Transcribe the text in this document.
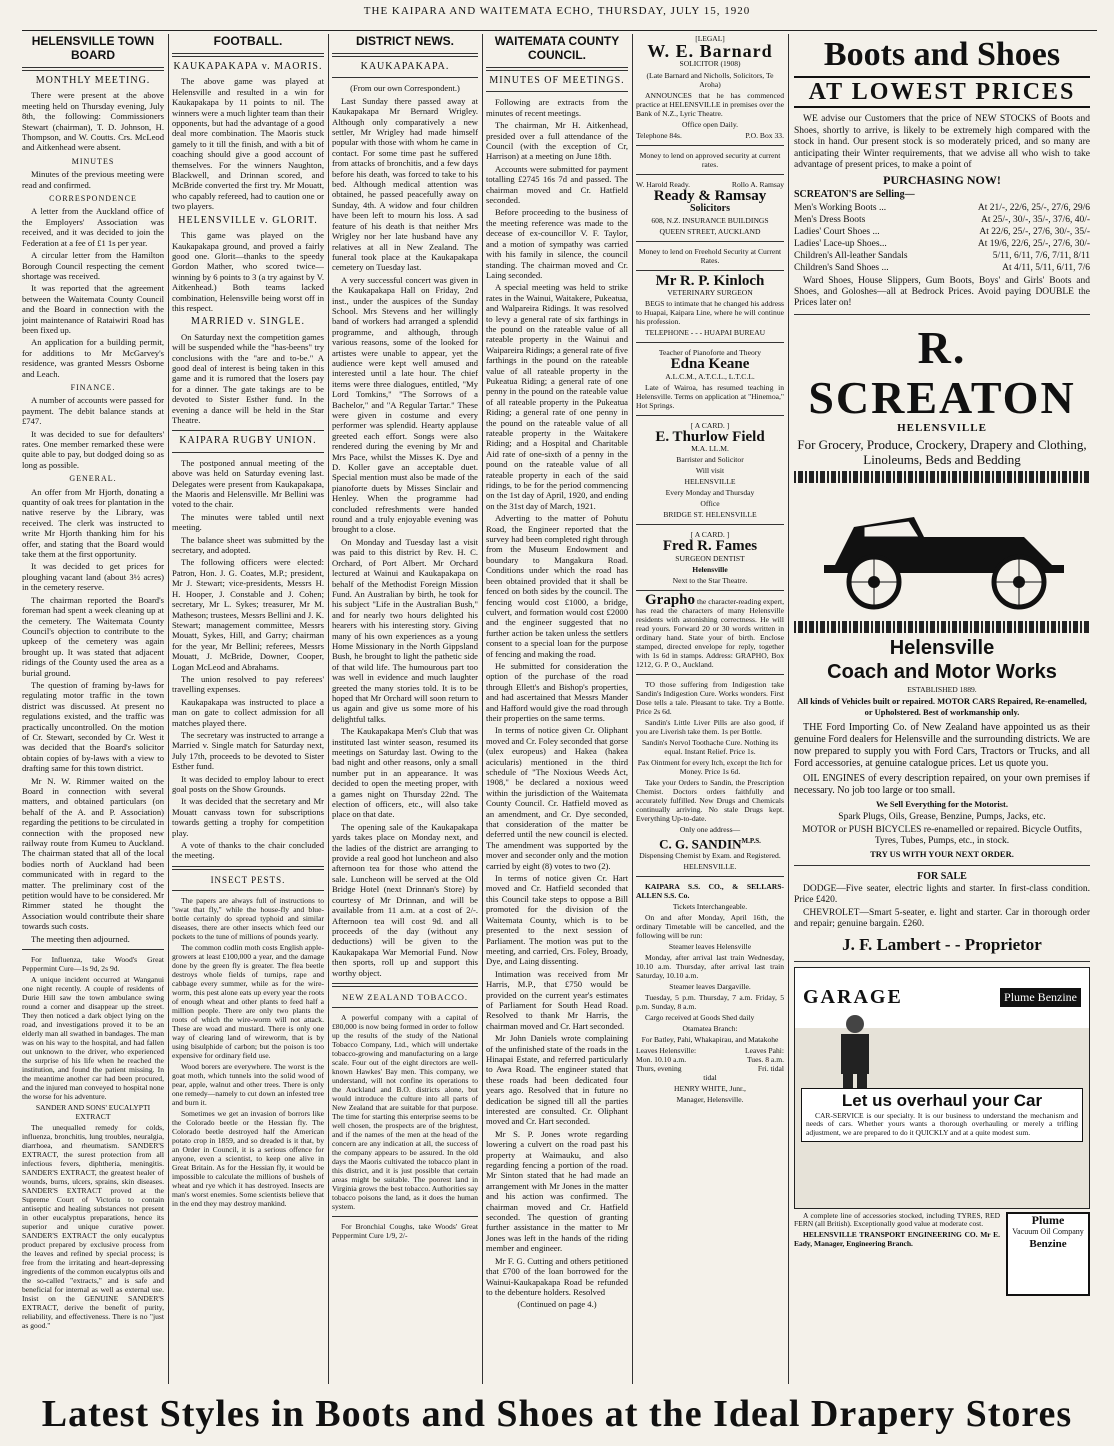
THE KAIPARA AND WAITEMATA ECHO, THURSDAY, JULY 15, 1920
HELENSVILLE TOWN BOARD
MONTHLY MEETING.

There were present at the above meeting held on Thursday evening, July 8th, the following: Commissioners Stewart (chairman), T. D. Johnson, H. Thompson, and W. Coutts. Crs. McLeod and Aitkenhead were absent.

MINUTES

Minutes of the previous meeting were read and confirmed.

CORRESPONDENCE

A letter from the Auckland office of the Employers' Association was received, and it was decided to join the Federation at a fee of £1 1s per year.

A circular letter from the Hamilton Borough Council respecting the cement shortage was received.

It was reported that the agreement between the Waitemata County Council and the Board in connection with the joint maintenance of Rataiwiri Road has been fixed up.

An application for a building permit, for additions to Mr McGarvey's residence, was granted Messrs Osborne and Leach.

FINANCE.

A number of accounts were passed for payment. The debit balance stands at £747.

It was decided to sue for defaulters' rates. One member remarked these were quite able to pay, but dodged doing so as long as possible.

GENERAL.

An offer from Mr Hjorth, donating a quantity of oak trees for plantation in the native reserve by the Library, was received. The clerk was instructed to write Mr Hjorth thanking him for his offer, and stating that the Board would take them at the first opportunity.

It was decided to get prices for ploughing vacant land (about 3½ acres) in the cemetery reserve.

The chairman reported the Board's foreman had spent a week cleaning up at the cemetery. The Waitemata County Council's objection to contribute to the upkeep of the cemetery was again brought up. It was stated that adjacent ridings of the County used the area as a burial ground.

The question of framing by-laws for regulating motor traffic in the town district was discussed. At present no regulations existed, and the traffic was practically uncontrolled. On the motion of Cr. Stewart, seconded by Cr. West it was decided that the Board's solicitor obtain copies of by-laws with a view to drafting same for this town district.

Mr N. W. Rimmer waited on the Board in connection with several matters, and obtained particulars (on behalf of the A. and P. Association) regarding the petitions to be circulated in connection with the proposed new railway route from Kumeu to Auckland. The chairman stated that all of the local bodies north of Auckland had been communicated with in regard to the matter. The preliminary cost of the petition would have to be considered. Mr Rimmer stated he thought the Association would contribute their share towards such costs.

The meeting then adjourned.

For Influenza, take Wood's Great Peppermint Cure—1s 9d, 2s 9d.

A unique incident occurred at Wanganui one night recently. A couple of residents of Durie Hill saw the town ambulance swing round a corner and disappear up the street. They then noticed a dark object lying on the road, and investigations proved it to be an elderly man all swathed in bandages. The man was on his way to the hospital, and had fallen out unknown to the driver, who experienced the surprise of his life when he reached the institution, and found the patient missing. In the meantime another car had been procured, and the injured man conveyed to hospital none the worse for his adventure.

SANDER AND SONS' EUCALYPTI EXTRACT

The unequalled remedy for colds, influenza, bronchitis, lung troubles, neuralgia, diarrhoea, and rheumatism. SANDER'S EXTRACT, the surest protection from all infectious fevers, diphtheria, meningitis. SANDER'S EXTRACT, the greatest healer of wounds, burns, ulcers, sprains, skin diseases. SANDER'S EXTRACT proved at the Supreme Court of Victoria to contain antiseptic and healing substances not present in other eucalyptus preparations, hence its superior and unique curative power. SANDER'S EXTRACT the only eucalyptus product prepared by exclusive process from the leaves and refined by special process; is free from the irritating and heart-depressing ingredients of the common eucalyptus oils and the so-called "extracts," and is safe and beneficial for internal as well as external use. Insist on the GENUINE SANDER'S EXTRACT, derive the benefit of purity, reliability, and effectiveness. There is no "just as good."

FOOTBALL.
KAUKAPAKAPA v. MAORIS.

The above game was played at Helensville and resulted in a win for Kaukapakapa by 11 points to nil. The winners were a much lighter team than their opponents, but had the advantage of a good deal more combination. The Maoris stuck gamely to it till the finish, and with a bit of coaching should give a good account of themselves. For the winners Naughton, Blackwell, and Drinnan scored, and McBride converted the first try. Mr Mouatt, who capably refereed, had to caution one or two players.

HELENSVILLE v. GLORIT.

This game was played on the Kaukapakapa ground, and proved a fairly good one. Glorit—thanks to the speedy Gordon Mather, who scored twice—winning by 6 points to 3 (a try against by V. Aitkenhead.) Both teams lacked combination, Helensville being worst off in this respect.

MARRIED v. SINGLE.

On Saturday next the competition games will be suspended while the "has-beens" try conclusions with the "are and to-be." A good deal of interest is being taken in this game and it is rumored that the losers pay for a dinner. The gate takings are to be devoted to Sister Esther fund. In the evening a dance will be held in the Star Theatre.

KAIPARA RUGBY UNION.

The postponed annual meeting of the above was held on Saturday evening last. Delegates were present from Kaukapakapa, the Maoris and Helensville. Mr Bellini was voted to the chair.

The minutes were tabled until next meeting.

The balance sheet was submitted by the secretary, and adopted.

The following officers were elected: Patron, Hon. J. G. Coates, M.P.; president, Mr J. Stewart; vice-presidents, Messrs H. H. Hooper, J. Constable and J. Cohen; secretary, Mr L. Sykes; treasurer, Mr M. Matheson; trustees, Messrs Bellini and J. K. Stewart; management committee, Messrs Mouatt, Sykes, Hill, and Garry; chairman for the year, Mr Bellini; referees, Messrs Mouatt, J. McBride, Downer, Cooper, Logan McLeod and Abrahams.

The union resolved to pay referees' travelling expenses.

Kaukapakapa was instructed to place a man on gate to collect admission for all matches played there.

The secretary was instructed to arrange a Married v. Single match for Saturday next, July 17th, proceeds to be devoted to Sister Esther fund.

It was decided to employ labour to erect goal posts on the Show Grounds.

It was decided that the secretary and Mr Mouatt canvass town for subscriptions towards getting a trophy for competition play.

A vote of thanks to the chair concluded the meeting.

INSECT PESTS.

The papers are always full of instructions to "swat that fly," while the house-fly and blue-bottle certainly do spread typhoid and similar diseases, there are other insects which feed our pockets to the tune of millions of pounds yearly.

The common codlin moth costs English apple-growers at least £100,000 a year, and the damage done by the green fly is greater. The flea beetle destroys whole fields of turnips, rape and cabbage every summer, while as for the wire-worm, this pest alone eats up every year the roots of enough wheat and other plants to feed half a million people. There are only two plants the roots of which the wire-worm will not attack. These are woad and mustard. There is only one way of clearing land of wireworm, that is by using bisulphide of carbon; but the poison is too expensive for ordinary field use.

Wood borers are everywhere. The worst is the goat moth, which tunnels into the solid wood of pear, apple, walnut and other trees. There is only one remedy—namely to cut down an infested tree and burn it.

Sometimes we get an invasion of borrors like the Colorado beetle or the Hessian fly. The Colorado beetle destroyed half the American potato crop in 1859, and so dreaded is it that, by an Order in Council, it is a serious offence for anyone, even a scientist, to keep one alive in Great Britain. As for the Hessian fly, it would be impossible to calculate the millions of bushels of wheat and rye which it has destroyed. Insects are man's worst enemies. Some scientists believe that in the end they may destroy mankind.

DISTRICT NEWS.
KAUKAPAKAPA.

(From our own Correspondent.)

Last Sunday there passed away at Kaukapakapa Mr Bernard Wrigley. Although only comparatively a new settler, Mr Wrigley had made himself popular with those with whom he came in contact. For some time past he suffered from attacks of bronchitis, and a few days before his death, was forced to take to his bed. Although medical attention was obtained, he passed peacefully away on Sunday, 4th. A widow and four children have been left to mourn his loss. A sad feature of his death is that neither Mrs Wrigley nor her late husband have any relatives at all in New Zealand. The funeral took place at the Kaukapakapa cemetery on Tuesday last.

A very successful concert was given in the Kaukapakapa Hall on Friday, 2nd inst., under the auspices of the Sunday School. Mrs Stevens and her willingly band of workers had arranged a splendid programme, and although, through various reasons, some of the looked for artistes were unable to appear, yet the audience were kept well amused and interested until a late hour. The chief items were three dialogues, entitled, "My Lord Tomkins," "The Sorrows of a Bachelor," and "A Regular Tartar." These were given in costume and every performer was splendid. Hearty applause greeted each effort. Songs were also rendered during the evening by Mr and Mrs Pace, whilst the Misses K. Dye and D. Koller gave an acceptable duet. Special mention must also be made of the pianoforte duets by Misses Sinclair and Henley. When the programme had concluded refreshments were handed round and a truly enjoyable evening was brought to a close.

On Monday and Tuesday last a visit was paid to this district by Rev. H. C. Orchard, of Port Albert. Mr Orchard lectured at Wainui and Kaukapakapa on behalf of the Methodist Foreign Mission Fund. An Australian by birth, he took for his subject "Life in the Australian Bush," and for nearly two hours delighted his hearers with his interesting story. Giving many of his own experiences as a young Home Missionary in the North Gippsland Bush, he brought to light the pathetic side of that wild life. The humourous part too was well in evidence and much laughter greeted the many stories told. It is to be hoped that Mr Orchard will soon return to us again and give us some more of his delightful talks.

The Kaukapakapa Men's Club that was instituted last winter season, resumed its meetings on Saturday last. Owing to the bad night and other reasons, only a small number put in an appearance. It was decided to open the meeting proper, with a games night on Thursday 22nd. The election of officers, etc., will also take place on that date.

The opening sale of the Kaukapakapa yards takes place on Monday next, and the ladies of the district are arranging to provide a real good hot luncheon and also afternoon tea for those who attend the sale. Luncheon will be served at the Old Bridge Hotel (next Drinnan's Store) by courtesy of Mr Drinnan, and will be available from 11 a.m. at a cost of 2/-. Afternoon tea will cost 9d. and all proceeds of the day (without any deductions) will be given to the Kaukapakapa War Memorial Fund. Now then sports, roll up and support this worthy object.

NEW ZEALAND TOBACCO.

A powerful company with a capital of £80,000 is now being formed in order to follow up the results of the study of the National Tobacco Company, Ltd., which will undertake tobacco-growing and manufacturing on a large scale. Four out of the eight directors are well-known Hawkes' Bay men. This company, we understand, will not confine its operations to the Auckland and B.O. districts alone, but would introduce the culture into all parts of New Zealand that are suitable for that purpose. The time for starting this enterprise seems to be well chosen, the prospects are of the brightest, and if the names of the men at the head of the concern are any indication at all, the success of the company appears to be assured. In the old days the Maoris cultivated the tobacco plant in this district, and it is just possible that certain areas might be suitable. The poorest land in Virginia grows the best tobacco. Authorities say tobacco poisons the land, as it does the human system.

For Bronchial Coughs, take Woods' Great Peppermint Cure 1/9, 2/-

WAITEMATA COUNTY COUNCIL.
MINUTES OF MEETINGS.

Following are extracts from the minutes of recent meetings.

The chairman, Mr H. Aitkenhead, presided over a full attendance of the Council (with the exception of Cr, Harrison) at a meeting on June 18th.

Accounts were submitted for payment totalling £2745 16s 7d and passed. The chairman moved and Cr. Hatfield seconded.

Before proceeding to the business of the meeting reference was made to the decease of ex-councillor V. F. Taylor, and a motion of sympathy was carried with his family in silence, the council standing. The chairman moved and Cr. Laing seconded.

A special meeting was held to strike rates in the Wainui, Waitakere, Pukeatua, and Walpareira Ridings. It was resolved to levy a general rate of six farthings in the pound on the rateable value of all rateable property in the Wainui and Waipareira Ridings; a general rate of five farthings in the pound on the rateable value of all rateable property in the Pukeatua Riding; a general rate of one penny in the pound on the rateable value of all rateable property in the Pukeatua Riding; a general rate of one penny in the pound on the rateable value of all rateable property in the Waitakere Riding; and a Hospital and Charitable Aid rate of one-sixth of a penny in the pound on the rateable value of all rateable property in each of the said ridings, to be for the period commencing on the 1st day of April, 1920, and ending on the 31st day of March, 1921.

Adverting to the matter of Pohutu Road, the Engineer reported that the survey had been completed right through from the Museum Endowment and boundary to Mangakura Road. Conditions under which the road has been obtained provided that it shall be fenced on both sides by the council. The fencing would cost £1000, a bridge, culvert, and formation would cost £2000 and the engineer suggested that no further action be taken unless the settlers consent to a special loan for the purpose of fencing and making the road.

He submitted for consideration the option of the purchase of the road through Ellett's and Bishop's properties, and had ascertained that Messrs Mander and Hafford would give the road through their properties on the same terms.

In terms of notice given Cr. Oliphant moved and Cr. Foley seconded that gorse (ulex europeus) and Hakea (hakea acicularis) mentioned in the third schedule of "The Noxious Weeds Act, 1908," be declared a noxious weed within the jurisdiction of the Waitemata County Council. Cr. Hatfield moved as an amendment, and Cr. Dye seconded, that consideration of the matter be deferred until the new council is elected. The amendment was supported by the mover and seconder only and the motion carried by eight (8) votes to two (2).

In terms of notice given Cr. Hart moved and Cr. Hatfield seconded that this Council take steps to oppose a Bill promoted for the division of the Waitemata County, which is to be presented to the next session of Parliament. The motion was put to the meeting, and carried, Crs. Foley, Broady, Dye, and Laing dissenting.

Intimation was received from Mr Harris, M.P., that £750 would be provided on the current year's estimates of Parliament for South Head Road. Resolved to thank Mr Harris, the chairman moved and Cr. Hart seconded.

Mr John Daniels wrote complaining of the unfinished state of the roads in the Hinapai Estate, and referred particularly to Awa Road. The engineer stated that these roads had been dedicated four years ago. Resolved that in future no dedication be signed till all the parties interested are consulted. Cr. Oliphant moved and Cr. Hart seconded.

Mr S. P. Jones wrote regarding lowering a culvert on the road past his property at Waimauku, and also regarding fencing a portion of the road. Mr Sinton stated that he had made an arrangement with Mr Jones in the matter and his action was confirmed. The chairman moved and Cr. Hatfield seconded. The question of granting further assistance in the matter to Mr Jones was left in the hands of the riding member and engineer.

Mr F. G. Cutting and others petitioned that £700 of the loan borrowed for the Wainui-Kaukapakapa Road be refunded to the debenture holders. Resolved

(Continued on page 4.)

[LEGAL]

W. E. Barnard

SOLICITOR (1908)

(Late Barnard and Nicholls, Solicitors, Te Aroha)

ANNOUNCES that he has commenced practice at HELENSVILLE in premises over the Bank of N.Z., Lyric Theatre.

Office open Daily.

Telephone 84s.	P.O. Box 33.

Money to lend on approved security at current rates.

W. Harold Ready.	Rollo A. Ramsay
Ready & Ramsay

Solicitors

608, N.Z. INSURANCE BUILDINGS

QUEEN STREET, AUCKLAND

Money to lend on Freehold Security at Current Rates.

Mr R. P. Kinloch

VETERINARY SURGEON

BEGS to intimate that he changed his address to Huapai, Kaipara Line, where he will continue his profession.

TELEPHONE - - - HUAPAI BUREAU

Teacher of Pianoforte and Theory

Edna Keane

A.L.C.M., A.T.C.L., L.T.C.L.

Late of Wairoa, has resumed teaching in Helensville. Terms on application at "Hinemoa," Hot Springs.

[ A CARD. ]

E. Thurlow Field

M.A. LL.M.

Barrister and Solicitor

Will visit

HELENSVILLE

Every Monday and Thursday

Office

BRIDGE ST. HELENSVILLE

[ A CARD. ]

Fred R. Fames

SURGEON DENTIST

Helensville

Next to the Star Theatre.

Grapho the character-reading expert, has read the characters of many Helensville residents with astonishing correctness. He will read yours. Forward 20 or 30 words written in ordinary hand. State your of birth. Enclose stamped, directed envelope for reply, together with 1s 6d in stamps. Address: GRAPHO, Box 1212, G. P. O., Auckland.

TO those suffering from Indigestion take Sandin's Indigestion Cure. Works wonders. First Dose tells a tale. Pleasant to take. Try a Bottle. Price 2s 6d.

Sandin's Little Liver Pills are also good, if you are Liverish take them. 1s per Bottle.

Sandin's Nervol Toothache Cure. Nothing its equal. Instant Relief. Price 1s.

Pax Ointment for every Itch, except the Itch for Money. Price 1s 6d.

Take your Orders to Sandin, the Prescription Chemist. Doctors orders faithfully and accurately fulfilled. New Drugs and Chemicals continually arriving. No stale Drugs kept. Everything Up-to-date.

Only one address—

C. G. $SANDIN^{M.P.S.}$

Dispensing Chemist by Exam. and Registered.

HELENSVILLE.

KAIPARA S.S. CO., & SELLARS-ALLEN S.S. Co.

Tickets Interchangeable.

On and after Monday, April 16th, the ordinary Timetable will be cancelled, and the following will be run:

Steamer leaves Helensville

Monday, after arrival last train Wednesday, 10.10 a.m. Thursday, after arrival last train Saturday, 10.10 a.m.

Steamer leaves Dargaville.

Tuesday, 5 p.m. Thursday, 7 a.m. Friday, 5 p.m. Sunday, 8 a.m.

Cargo received at Goods Shed daily

Otamatea Branch:

For Batley, Pahi, Whakapirau, and Matakohe

Leaves Helensville:	Leaves Pahi:
Mon. 10.10 a.m.	Tues. 8 a.m.
Thurs, evening	Fri. tidal

tidal

HENRY WHITE, Junr.,

Manager, Helensville.

Boots and Shoes
AT LOWEST PRICES

WE advise our Customers that the price of NEW STOCKS of Boots and Shoes, shortly to arrive, is likely to be extremely high compared with the stock in hand. Our present stock is so moderately priced, and so many are anticipating their Winter requirements, that we advise all who wish to take advantage of present prices, to make a point of

PURCHASING NOW!

SCREATON'S are Selling—

Men's Working Boots ...	At 21/-, 22/6, 25/-, 27/6, 29/6
Men's Dress Boots	At 25/-, 30/-, 35/-, 37/6, 40/-
Ladies' Court Shoes ...	At 22/6, 25/-, 27/6, 30/-, 35/-
Ladies' Lace-up Shoes...	At 19/6, 22/6, 25/-, 27/6, 30/-
Children's All-leather Sandals	5/11, 6/11, 7/6, 7/11, 8/11
Children's Sand Shoes ...	At 4/11, 5/11, 6/11, 7/6

Ward Shoes, House Slippers, Gum Boots, Boys' and Girls' Boots and Shoes, and Goloshes—all at Bedrock Prices. Avoid paying DOUBLE the Prices later on!

R. SCREATON

HELENSVILLE

For Grocery, Produce, Crockery, Drapery and Clothing, Linoleums, Beds and Bedding

Helensville

Coach and Motor Works

ESTABLISHED 1889.

All kinds of Vehicles built or repaired. MOTOR CARS Repaired, Re-enamelled, or Upholstered. Best of workmanship only.

THE Ford Importing Co. of New Zealand have appointed us as their genuine Ford dealers for Helensville and the surrounding districts. We are now prepared to supply you with Ford Cars, Tractors or Trucks, and all Ford accessories, at genuine catalogue prices. Let us quote you.

OIL ENGINES of every description repaired, on your own premises if necessary. No job too large or too small.

We Sell Everything for the Motorist.

Spark Plugs, Oils, Grease, Benzine, Pumps, Jacks, etc.

MOTOR or PUSH BICYCLES re-enamelled or repaired. Bicycle Outfits, Tyres, Tubes, Pumps, etc., in stock.

TRY US WITH YOUR NEXT ORDER.

FOR SALE

DODGE—Five seater, electric lights and starter. In first-class condition. Price £420.

CHEVROLET—Smart 5-seater, e. light and starter. Car in thorough order and repair; genuine bargain. £260.

J. F. Lambert - - Proprietor

GARAGE	Plume Benzine

Let us overhaul your Car

CAR-SERVICE is our specialty. It is our business to understand the mechanism and needs of cars. Whether yours wants a thorough overhauling or merely a trifling adjustment, we are prepared to do it QUICKLY and at a quite modest sum.

A complete line of accessories stocked, including TYRES, RED FERN (all British). Exceptionally good value at moderate cost.

HELENSVILLE TRANSPORT ENGINEERING CO. Mr E. Eady, Manager, Engineering Branch.

Plume
Vacuum Oil Company
Benzine
Latest Styles in Boots and Shoes at the Ideal Drapery Stores
